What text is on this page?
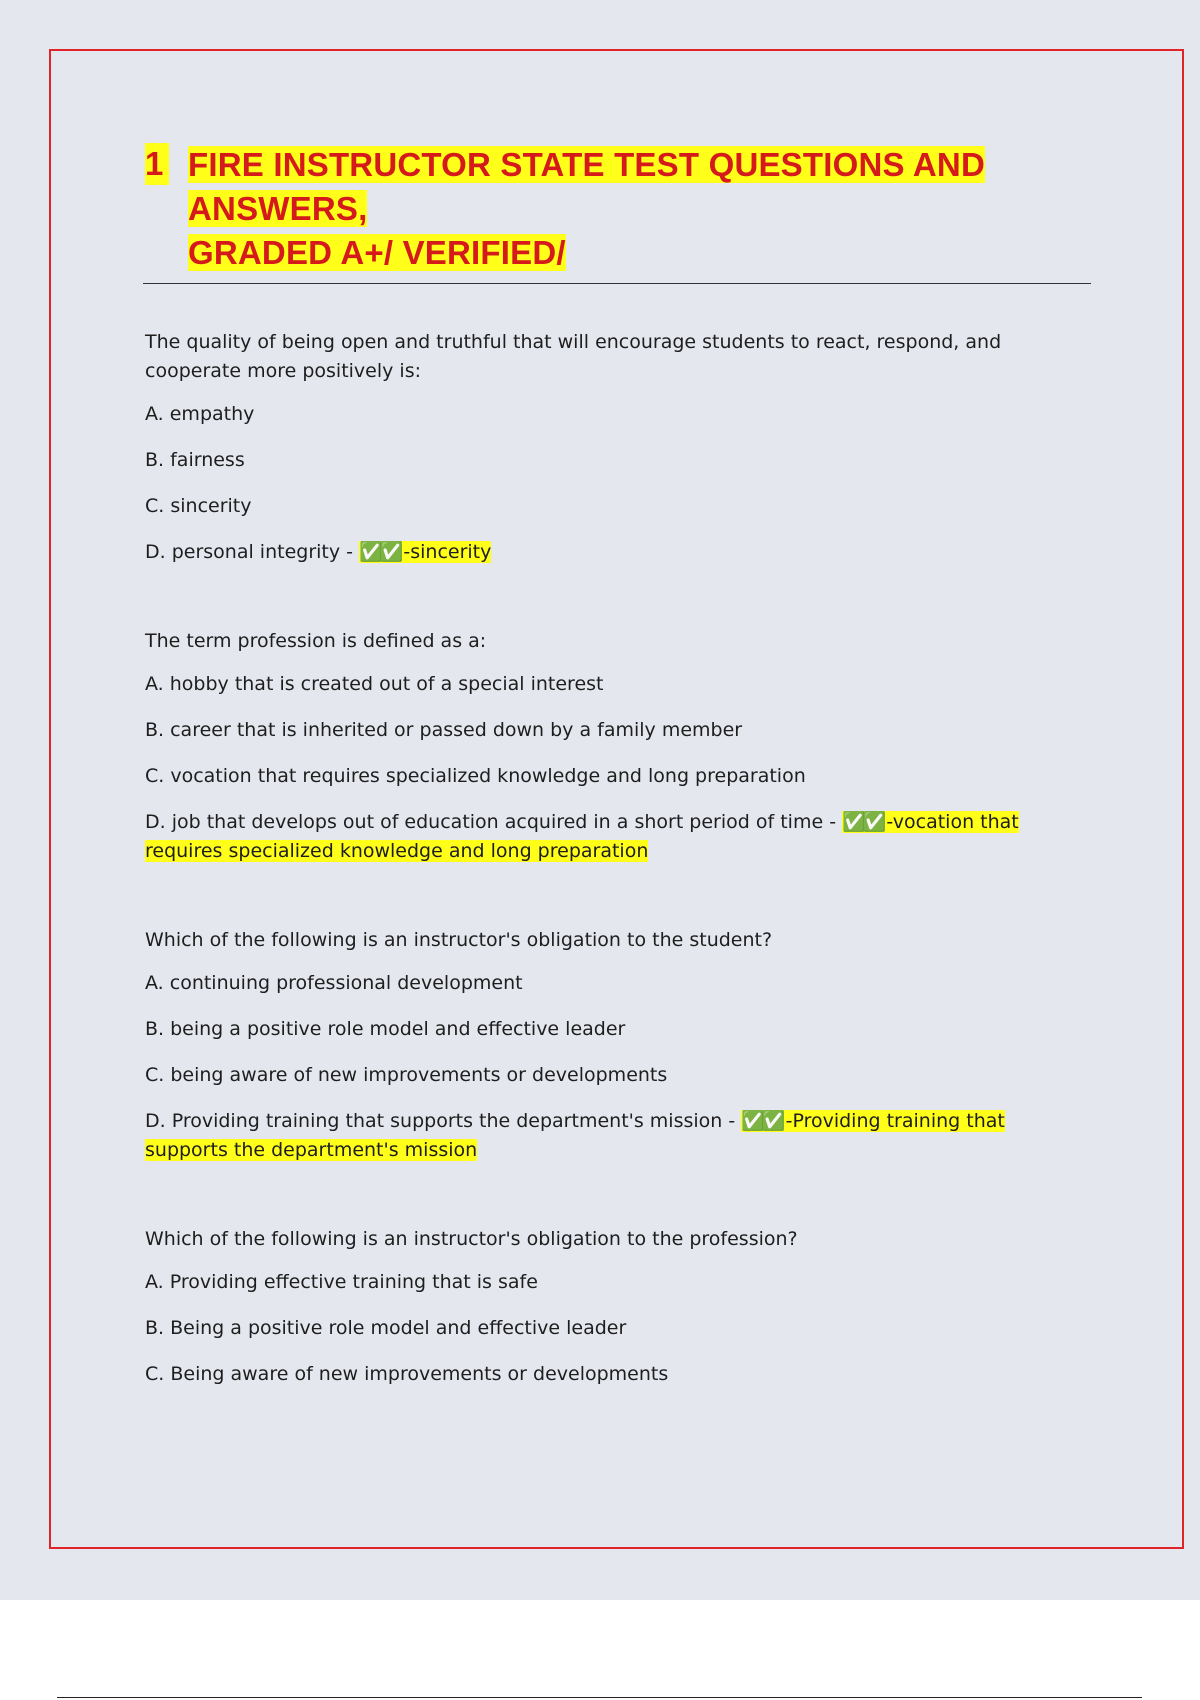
1 FIRE INSTRUCTOR STATE TEST QUESTIONS AND ANSWERS,
GRADED A+/ VERIFIED/

The quality of being open and truthful that will encourage students to react, respond, and cooperate more positively is:

A. empathy
B. fairness
C. sincerity
D. personal integrity - ✅✅ -sincerity

The term profession is defined as a:

A. hobby that is created out of a special interest
B. career that is inherited or passed down by a family member
C. vocation that requires specialized knowledge and long preparation
D. job that develops out of education acquired in a short period of time - ✅✅ -vocation that requires specialized knowledge and long preparation

Which of the following is an instructor's obligation to the student?

A. continuing professional development
B. being a positive role model and effective leader
C. being aware of new improvements or developments
D. Providing training that supports the department's mission - ✅✅ -Providing training that supports the department's mission

Which of the following is an instructor's obligation to the profession?

A. Providing effective training that is safe
B. Being a positive role model and effective leader
C. Being aware of new improvements or developments
